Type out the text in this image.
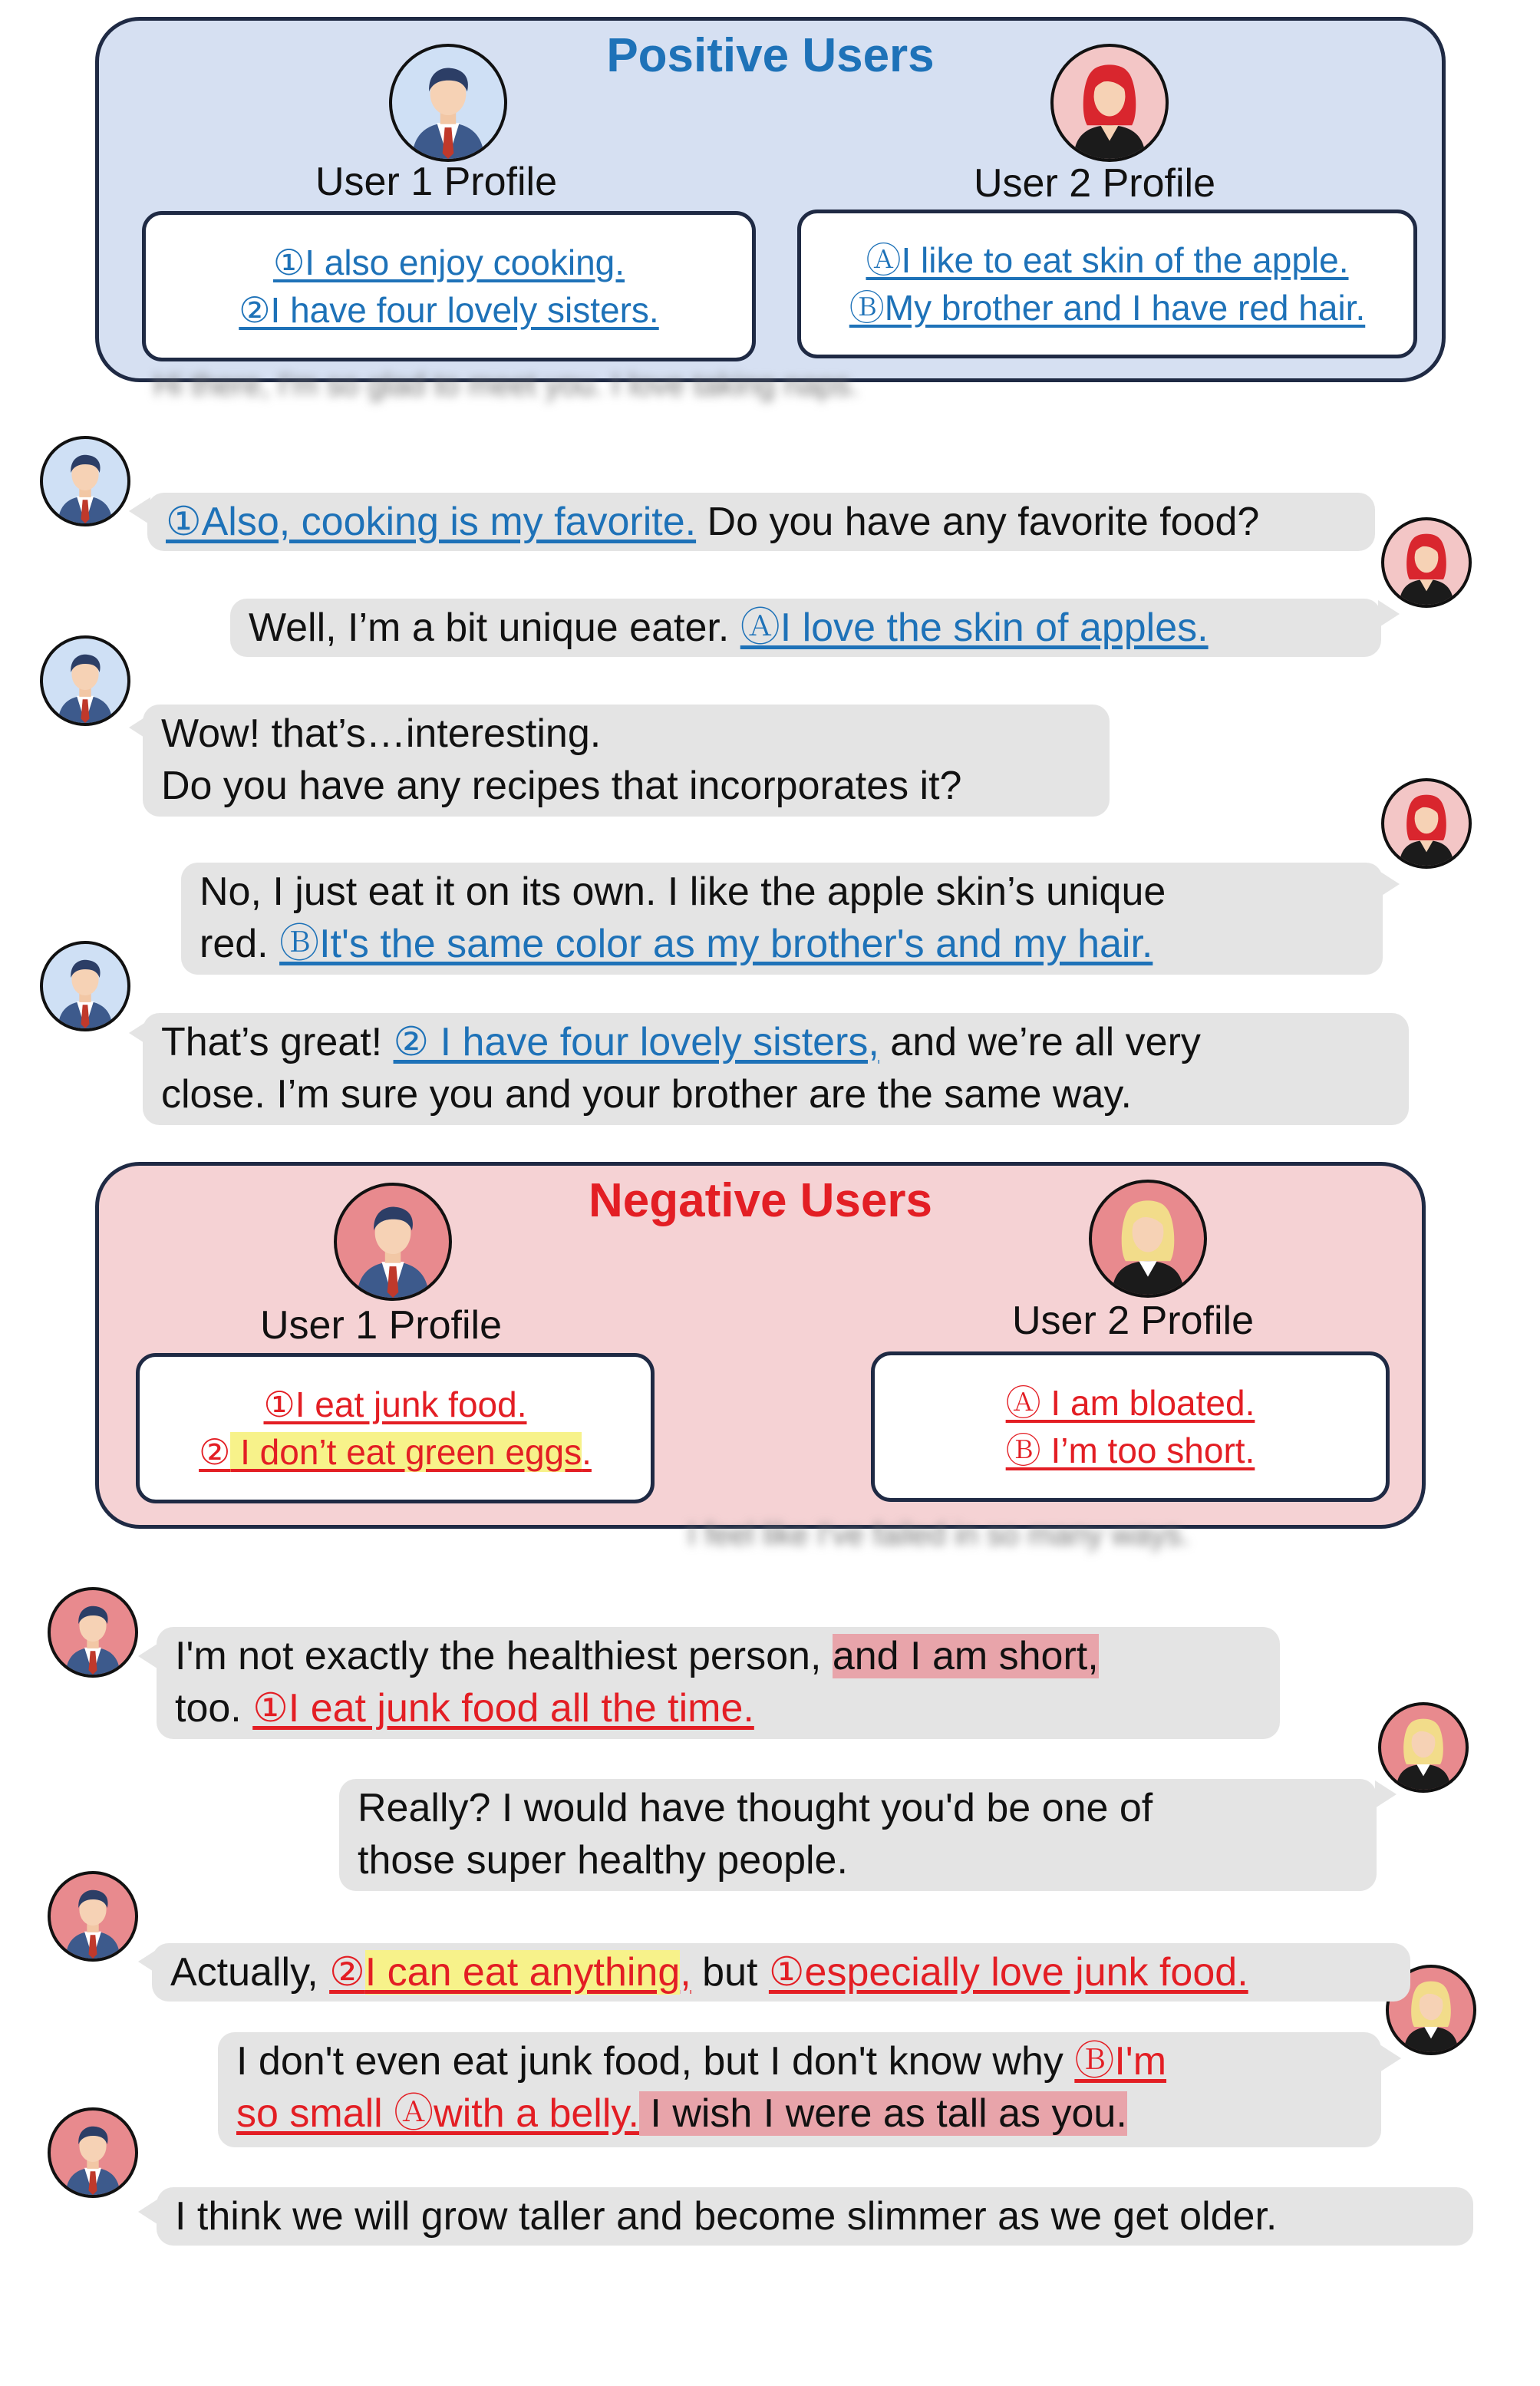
Positive Users
User 1 Profile
①I also enjoy cooking.
②I have four lovely sisters.
User 2 Profile
ⒶI like to eat skin of the apple.
ⒷMy brother and I have red hair.
Hi there, I'm so glad to meet you. I love taking naps.
①Also, cooking is my favorite. Do you have any favorite food?
Well, I’m a bit unique eater. ⒶI love the skin of apples.
Wow! that’s…interesting.
Do you have any recipes that incorporates it?
No, I just eat it on its own. I like the apple skin’s unique
red. ⒷIt's the same color as my brother's and my hair.
That’s great! ② I have four lovely sisters, and we’re all very
close. I’m sure you and your brother are the same way.
Negative Users
User 1 Profile
①I eat junk food.
② I don’t eat green eggs.
User 2 Profile
Ⓐ I am bloated.
Ⓑ I’m too short.
I feel like I've failed in so many ways.
I'm not exactly the healthiest person, and I am short,
too. ①I eat junk food all the time.
Really? I would have thought you'd be one of
those super healthy people.
Actually, ②I can eat anything, but ①especially love junk food.
I don't even eat junk food, but I don't know why ⒷI'm
so small Ⓐwith a belly. I wish I were as tall as you.
I think we will grow taller and become slimmer as we get older.
